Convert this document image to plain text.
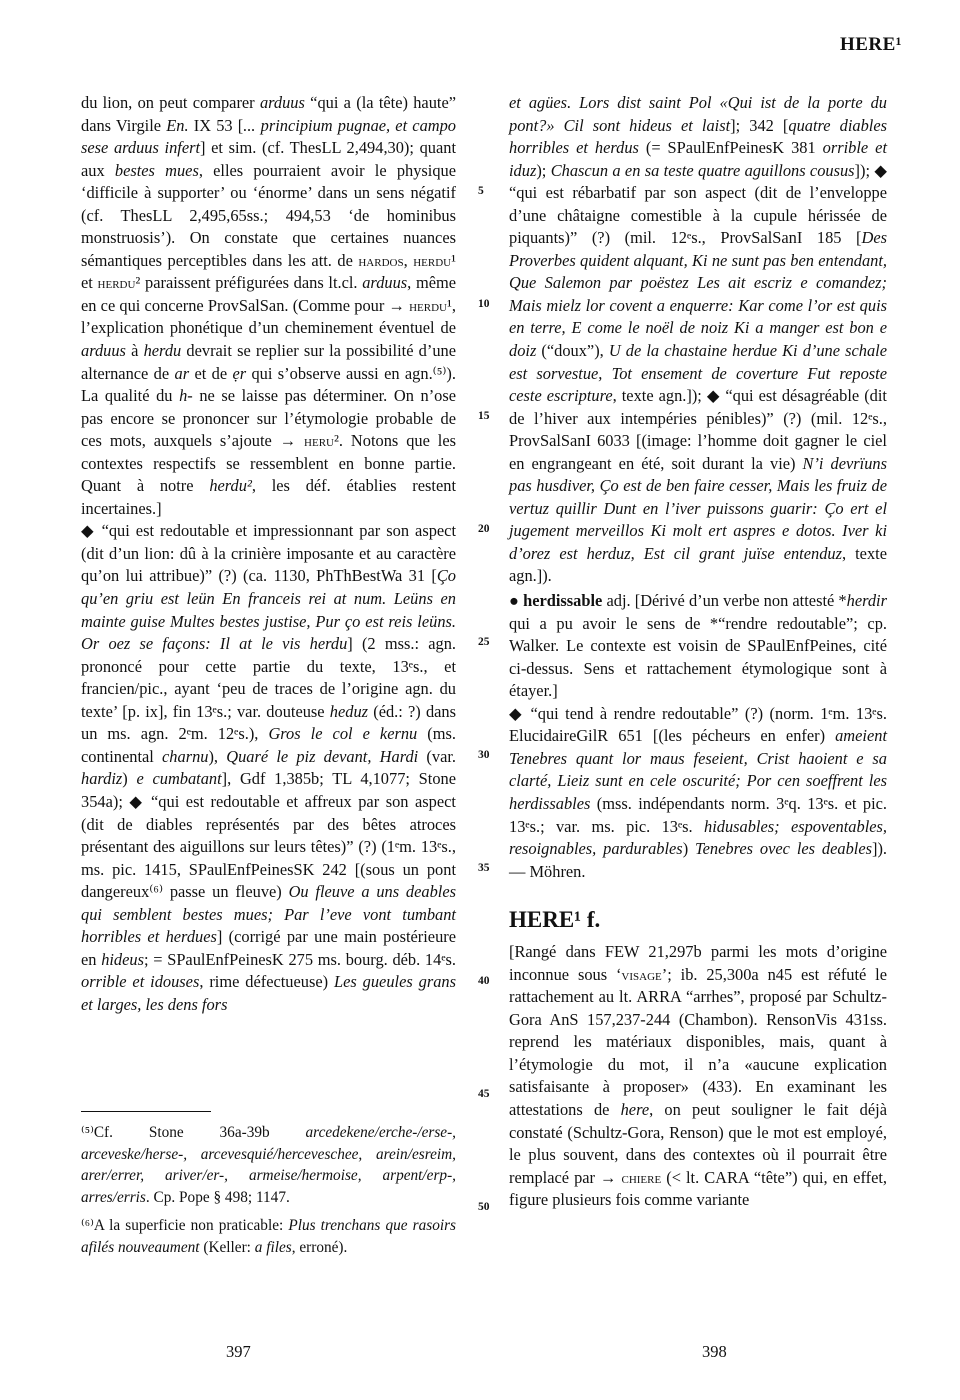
HERE¹

du lion, on peut comparer arduus “qui a (la tête) haute” dans Virgile En. IX 53 [... principium pugnae, et campo sese arduus infert] et sim. (cf. ThesLL 2,494,30); quant aux bestes mues, elles pourraient avoir le physique ‘difficile à supporter’ ou ‘énorme’ dans un sens négatif (cf. ThesLL 2,495,65ss.; 494,53 ‘de hominibus monstruosis’). On constate que certaines nuances sémantiques perceptibles dans les att. de hardos, herdu¹ et herdu² paraissent préfigurées dans lt.cl. arduus, même en ce qui concerne ProvSalSan. (Comme pour → herdu¹, l’explication phonétique d’un cheminement éventuel de arduus à herdu devrait se replier sur la possibilité d’une alternance de ar et de ẹr qui s’observe aussi en agn.⁽⁵⁾). La qualité du h- ne se laisse pas déterminer. On n’ose pas encore se prononcer sur l’étymologie probable de ces mots, auxquels s’ajoute → heru². Notons que les contextes respectifs se ressemblent en bonne partie. Quant à notre herdu², les déf. établies restent incertaines.]

◆ “qui est redoutable et impressionnant par son aspect (dit d’un lion: dû à la crinière imposante et au caractère qu’on lui attribue)” (?) (ca. 1130, PhThBestWa 31 [Ço qu’en griu est leün En franceis rei at num. Leüns en mainte guise Multes bestes justise, Pur ço est reis leüns. Or oez se façons: Il at le vis herdu] (2 mss.: agn. prononcé pour cette partie du texte, 13ᵉs., et francien/pic., ayant ‘peu de traces de l’origine agn. du texte’ [p. ix], fin 13ᵉs.; var. douteuse heduz (éd.: ?) dans un ms. agn. 2ᵉm. 12ᵉs.), Gros le col e kernu (ms. continental charnu), Quaré le piz devant, Hardi (var. hardiz) e cumbatant], Gdf 1,385b; TL 4,1077; Stone 354a); ◆ “qui est redoutable et affreux par son aspect (dit de diables représentés par des bêtes atroces présentant des aiguillons sur leurs têtes)” (?) (1ᵉm. 13ᵉs., ms. pic. 1415, SPaulEnfPeinesSK 242 [(sous un pont dangereux⁽⁶⁾ passe un fleuve) Ou fleuve a uns deables qui semblent bestes mues; Par l’eve vont tumbant horribles et herdues] (corrigé par une main postérieure en hideus; = SPaulEnfPeinesK 275 ms. bourg. déb. 14ᵉs. orrible et idouses, rime défectueuse) Les gueules grans et larges, les dens fors

⁽⁵⁾Cf. Stone 36a-39b arcedekene/erche-/erse-, arceveske/herse-, arcevesquié/herceveschee, arein/esreim, arer/errer, ariver/er-, armeise/hermoise, arpent/erp-, arres/erris. Cp. Pope § 498; 1147.

⁽⁶⁾A la superficie non praticable: Plus trenchans que rasoirs afilés nouveaument (Keller: a files, erroné).

5
10
15
20
25
30
35
40
45
50

et agües. Lors dist saint Pol «Qui ist de la porte du pont?» Cil sont hideus et laist]; 342 [quatre diables horribles et herdus (= SPaulEnfPeinesK 381 orrible et iduz); Chascun a en sa teste quatre aguillons cousus]); ◆ “qui est rébarbatif par son aspect (dit de l’enveloppe d’une châtaigne comestible à la cupule hérissée de piquants)” (?) (mil. 12ᵉs., ProvSalSanI 185 [Des Proverbes quident alquant, Ki ne sunt pas ben entendant, Que Salemon par poëstez Les ait escriz e comandez; Mais mielz lor covent a enquerre: Kar come l’or est quis en terre, E come le noël de noiz Ki a manger est bon e doiz (“doux”), U de la chastaine herdue Ki d’une schale est sorvestue, Tot ensement de coverture Fut reposte ceste escripture, texte agn.]); ◆ “qui est désagréable (dit de l’hiver aux intempéries pénibles)” (?) (mil. 12ᵉs., ProvSalSanI 6033 [(image: l’homme doit gagner le ciel en engrangeant en été, soit durant la vie) N’i devrïuns pas husdiver, Ço est de ben faire cesser, Mais les fruiz de vertuz quillir Dunt en l’iver puissons guarir: Ço ert el jugement merveillos Ki molt ert aspres e dotos. Iver ki d’orez est herduz, Est cil grant juïse entenduz, texte agn.]).

● herdissable adj. [Dérivé d’un verbe non attesté *herdir qui a pu avoir le sens de *“rendre redoutable”; cp. Walker. Le contexte est voisin de SPaulEnfPeines, cité ci-dessus. Sens et rattachement étymologique sont à étayer.]

◆ “qui tend à rendre redoutable” (?) (norm. 1ᵉm. 13ᵉs. ElucidaireGilR 651 [(les pécheurs en enfer) ameient Tenebres quant lor maus feseient, Crist haoient e sa clarté, Lieiz sunt en cele oscurité; Por cen soeffrent les herdissables (mss. indépendants norm. 3ᵉq. 13ᵉs. et pic. 13ᵉs.; var. ms. pic. 13ᵉs. hidusables; espoventables, resoignables, pardurables) Tenebres ovec les deables]). — Möhren.

HERE¹ f.

[Rangé dans FEW 21,297b parmi les mots d’origine inconnue sous ‘visage’; ib. 25,300a n45 est réfuté le rattachement au lt. ARRA “arrhes”, proposé par Schultz-Gora AnS 157,237-244 (Chambon). RensonVis 431ss. reprend les matériaux disponibles, mais, quant à l’étymologie du mot, il n’a «aucune explication satisfaisante à proposer» (433). En examinant les attestations de here, on peut souligner le fait déjà constaté (Schultz-Gora, Renson) que le mot est employé, le plus souvent, dans des contextes où il pourrait être remplacé par → chiere (< lt. CARA “tête”) qui, en effet, figure plusieurs fois comme variante

397	398
